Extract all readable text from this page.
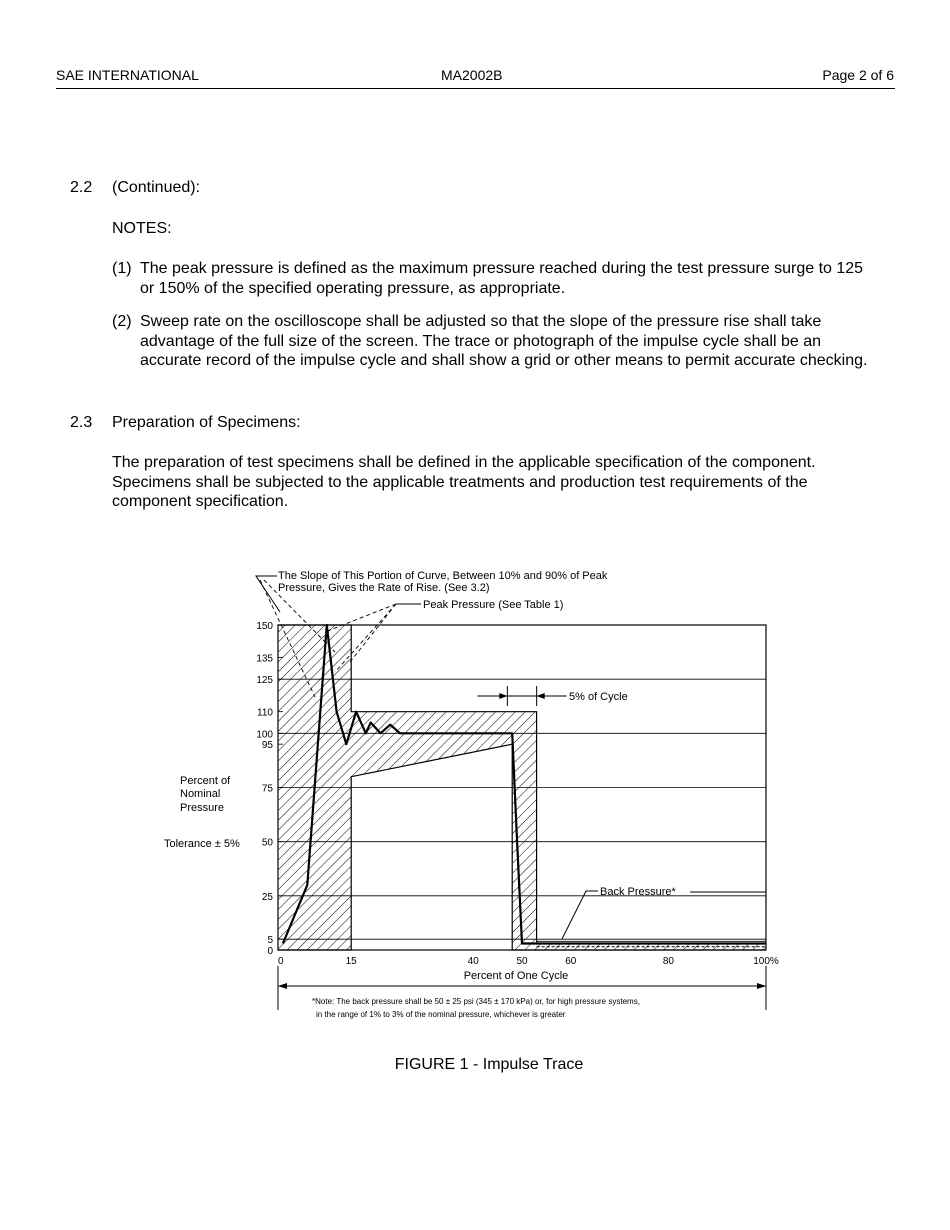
SAE INTERNATIONAL	MA2002B	Page 2 of 6
2.2 (Continued):
NOTES:
(1) The peak pressure is defined as the maximum pressure reached during the test pressure surge to 125 or 150% of the specified operating pressure, as appropriate.

(2) Sweep rate on the oscilloscope shall be adjusted so that the slope of the pressure rise shall take advantage of the full size of the screen. The trace or photograph of the impulse cycle shall be an accurate record of the impulse cycle and shall show a grid or other means to permit accurate checking.

2.3 Preparation of Specimens:

The preparation of test specimens shall be defined in the applicable specification of the component. Specimens shall be subjected to the applicable treatments and production test requirements of the component specification.

0
5
25
50
75
95
100
110
125
135
150
0	15	40	50	60	80	100%
The Slope of This Portion of Curve, Between 10% and 90% of Peak
Pressure, Gives the Rate of Rise. (See 3.2)
Peak Pressure (See Table 1)
5% of Cycle
Back Pressure*
Percent of
Nominal
Pressure
Tolerance ± 5%
Percent of One Cycle
*Note: The back pressure shall be 50 ± 25 psi (345 ± 170 kPa) or, for high pressure systems,
in the range of 1% to 3% of the nominal pressure, whichever is greater
FIGURE 1 - Impulse Trace
